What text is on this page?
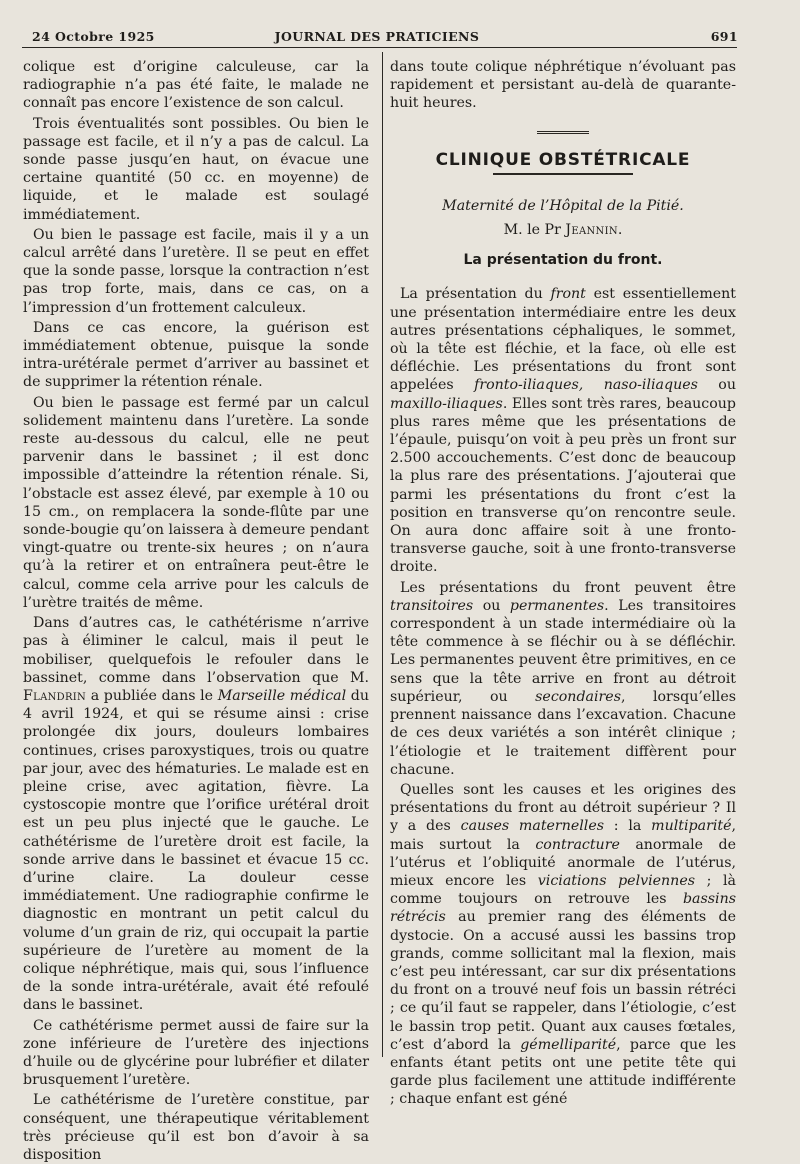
24 Octobre 1925	JOURNAL DES PRATICIENS	691

colique est d’origine calculeuse, car la radiographie n’a pas été faite, le malade ne connaît pas encore l’existence de son calcul.

Trois éventualités sont possibles. Ou bien le passage est facile, et il n’y a pas de calcul. La sonde passe jusqu’en haut, on évacue une certaine quantité (50 cc. en moyenne) de liquide, et le malade est soulagé immédiatement.

Ou bien le passage est facile, mais il y a un calcul arrêté dans l’uretère. Il se peut en effet que la sonde passe, lorsque la contraction n’est pas trop forte, mais, dans ce cas, on a l’impression d’un frottement calculeux.

Dans ce cas encore, la guérison est immédiatement obtenue, puisque la sonde intra-urétérale permet d’arriver au bassinet et de supprimer la rétention rénale.

Ou bien le passage est fermé par un calcul solidement maintenu dans l’uretère. La sonde reste au-dessous du calcul, elle ne peut parvenir dans le bassinet ; il est donc impossible d’atteindre la rétention rénale. Si, l’obstacle est assez élevé, par exemple à 10 ou 15 cm., on remplacera la sonde-flûte par une sonde-bougie qu’on laissera à demeure pendant vingt-quatre ou trente-six heures ; on n’aura qu’à la retirer et on entraînera peut-être le calcul, comme cela arrive pour les calculs de l’urètre traités de même.

Dans d’autres cas, le cathétérisme n’arrive pas à éliminer le calcul, mais il peut le mobiliser, quelquefois le refouler dans le bassinet, comme dans l’observation que M. Flandrin a publiée dans le Marseille médical du 4 avril 1924, et qui se résume ainsi : crise prolongée dix jours, douleurs lombaires continues, crises paroxystiques, trois ou quatre par jour, avec des hématuries. Le malade est en pleine crise, avec agitation, fièvre. La cystoscopie montre que l’orifice urétéral droit est un peu plus injecté que le gauche. Le cathétérisme de l’uretère droit est facile, la sonde arrive dans le bassinet et évacue 15 cc. d’urine claire. La douleur cesse immédiatement. Une radiographie confirme le diagnostic en montrant un petit calcul du volume d’un grain de riz, qui occupait la partie supérieure de l’uretère au moment de la colique néphrétique, mais qui, sous l’influence de la sonde intra-urétérale, avait été refoulé dans le bassinet.

Ce cathétérisme permet aussi de faire sur la zone inférieure de l’uretère des injections d’huile ou de glycérine pour lubréfier et dilater brusquement l’uretère.

Le cathétérisme de l’uretère constitue, par conséquent, une thérapeutique véritablement très précieuse qu’il est bon d’avoir à sa disposition

dans toute colique néphrétique n’évoluant pas rapidement et persistant au-delà de quarante-huit heures.

CLINIQUE OBSTÉTRICALE
Maternité de l’Hôpital de la Pitié.
M. le Pr Jeannin.
La présentation du front.

La présentation du front est essentiellement une présentation intermédiaire entre les deux autres présentations céphaliques, le sommet, où la tête est fléchie, et la face, où elle est défléchie. Les présentations du front sont appelées fronto-iliaques, naso-iliaques ou maxillo-iliaques. Elles sont très rares, beaucoup plus rares même que les présentations de l’épaule, puisqu’on voit à peu près un front sur 2.500 accouchements. C’est donc de beaucoup la plus rare des présentations. J’ajouterai que parmi les présentations du front c’est la position en transverse qu’on rencontre seule. On aura donc affaire soit à une fronto-transverse gauche, soit à une fronto-transverse droite.

Les présentations du front peuvent être transitoires ou permanentes. Les transitoires correspondent à un stade intermédiaire où la tête commence à se fléchir ou à se défléchir. Les permanentes peuvent être primitives, en ce sens que la tête arrive en front au détroit supérieur, ou secondaires, lorsqu’elles prennent naissance dans l’excavation. Chacune de ces deux variétés a son intérêt clinique ; l’étiologie et le traitement diffèrent pour chacune.

Quelles sont les causes et les origines des présentations du front au détroit supérieur ? Il y a des causes maternelles : la multiparité, mais surtout la contracture anormale de l’utérus et l’obliquité anormale de l’utérus, mieux encore les viciations pelviennes ; là comme toujours on retrouve les bassins rétrécis au premier rang des éléments de dystocie. On a accusé aussi les bassins trop grands, comme sollicitant mal la flexion, mais c’est peu intéressant, car sur dix présentations du front on a trouvé neuf fois un bassin rétréci ; ce qu’il faut se rappeler, dans l’étiologie, c’est le bassin trop petit. Quant aux causes fœtales, c’est d’abord la gémelliparité, parce que les enfants étant petits ont une petite tête qui garde plus facilement une attitude indifférente ; chaque enfant est géné
